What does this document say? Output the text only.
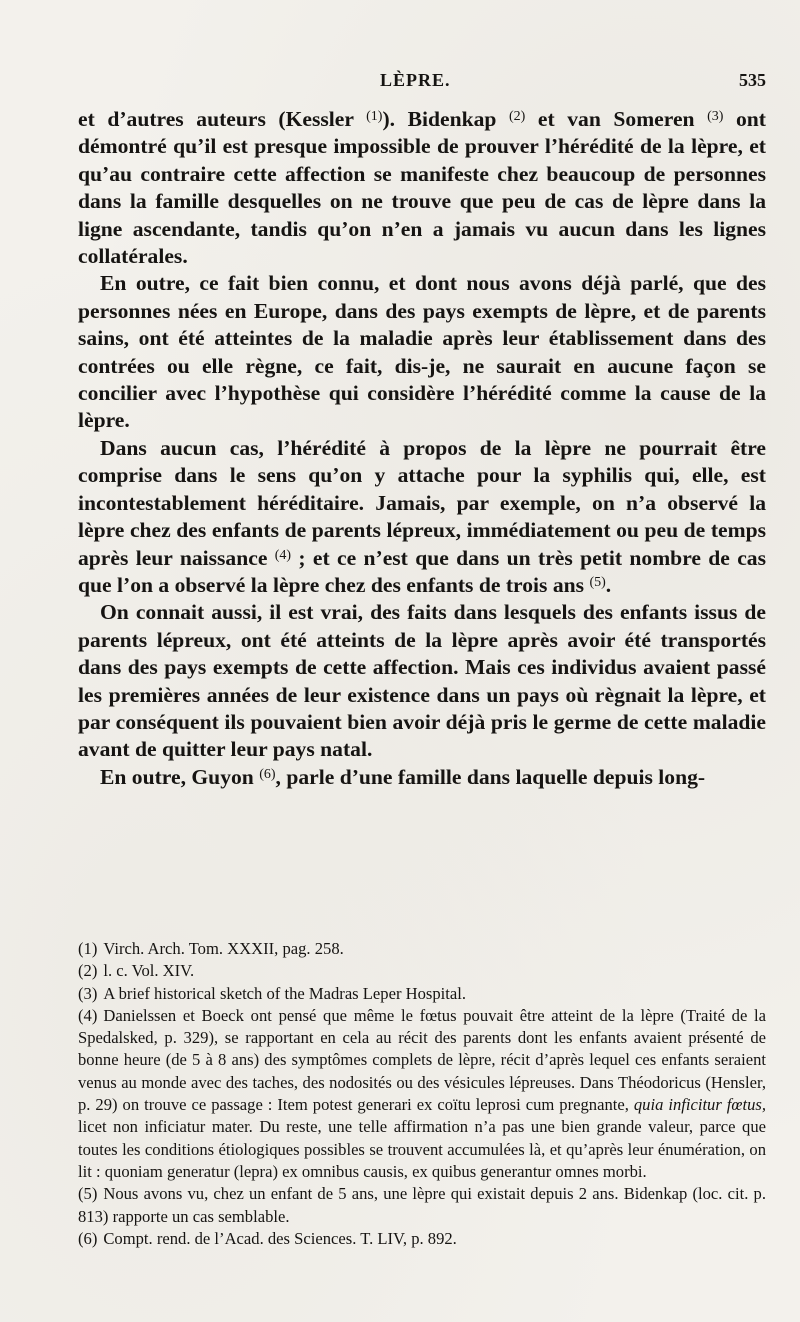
LÈPRE.	535

et d’autres auteurs (Kessler $^{(1)}$). Bidenkap $^{(2)}$ et van Someren $^{(3)}$ ont démontré qu’il est presque impossible de prouver l’hérédité de la lèpre, et qu’au contraire cette affection se manifeste chez beaucoup de personnes dans la famille desquelles on ne trouve que peu de cas de lèpre dans la ligne ascendante, tandis qu’on n’en a jamais vu aucun dans les lignes collatérales.

En outre, ce fait bien connu, et dont nous avons déjà parlé, que des personnes nées en Europe, dans des pays exempts de lèpre, et de parents sains, ont été atteintes de la maladie après leur établissement dans des contrées ou elle règne, ce fait, dis-je, ne saurait en aucune façon se concilier avec l’hypothèse qui considère l’hérédité comme la cause de la lèpre.

Dans aucun cas, l’hérédité à propos de la lèpre ne pourrait être comprise dans le sens qu’on y attache pour la syphilis qui, elle, est incontestablement héréditaire. Jamais, par exemple, on n’a observé la lèpre chez des enfants de parents lépreux, immédiatement ou peu de temps après leur naissance $^{(4)}$ ; et ce n’est que dans un très petit nombre de cas que l’on a observé la lèpre chez des enfants de trois ans $^{(5)}$.

On connait aussi, il est vrai, des faits dans lesquels des enfants issus de parents lépreux, ont été atteints de la lèpre après avoir été transportés dans des pays exempts de cette affection. Mais ces individus avaient passé les premières années de leur existence dans un pays où règnait la lèpre, et par conséquent ils pouvaient bien avoir déjà pris le germe de cette maladie avant de quitter leur pays natal.

En outre, Guyon $^{(6)}$, parle d’une famille dans laquelle depuis long-

(1) Virch. Arch. Tom. XXXII, pag. 258.

(2) l. c. Vol. XIV.

(3) A brief historical sketch of the Madras Leper Hospital.

(4) Danielssen et Boeck ont pensé que même le fœtus pouvait être atteint de la lèpre (Traité de la Spedalsked, p. 329), se rapportant en cela au récit des parents dont les enfants avaient présenté de bonne heure (de 5 à 8 ans) des symptômes complets de lèpre, récit d’après lequel ces enfants seraient venus au monde avec des taches, des nodosités ou des vésicules lépreuses. Dans Théodoricus (Hensler, p. 29) on trouve ce passage : Item potest generari ex coïtu leprosi cum pregnante, quia inficitur fœtus, licet non inficiatur mater. Du reste, une telle affirmation n’a pas une bien grande valeur, parce que toutes les conditions étiologiques possibles se trouvent accumulées là, et qu’après leur énumération, on lit : quoniam generatur (lepra) ex omnibus causis, ex quibus generantur omnes morbi.

(5) Nous avons vu, chez un enfant de 5 ans, une lèpre qui existait depuis 2 ans. Bidenkap (loc. cit. p. 813) rapporte un cas semblable.

(6) Compt. rend. de l’Acad. des Sciences. T. LIV, p. 892.
